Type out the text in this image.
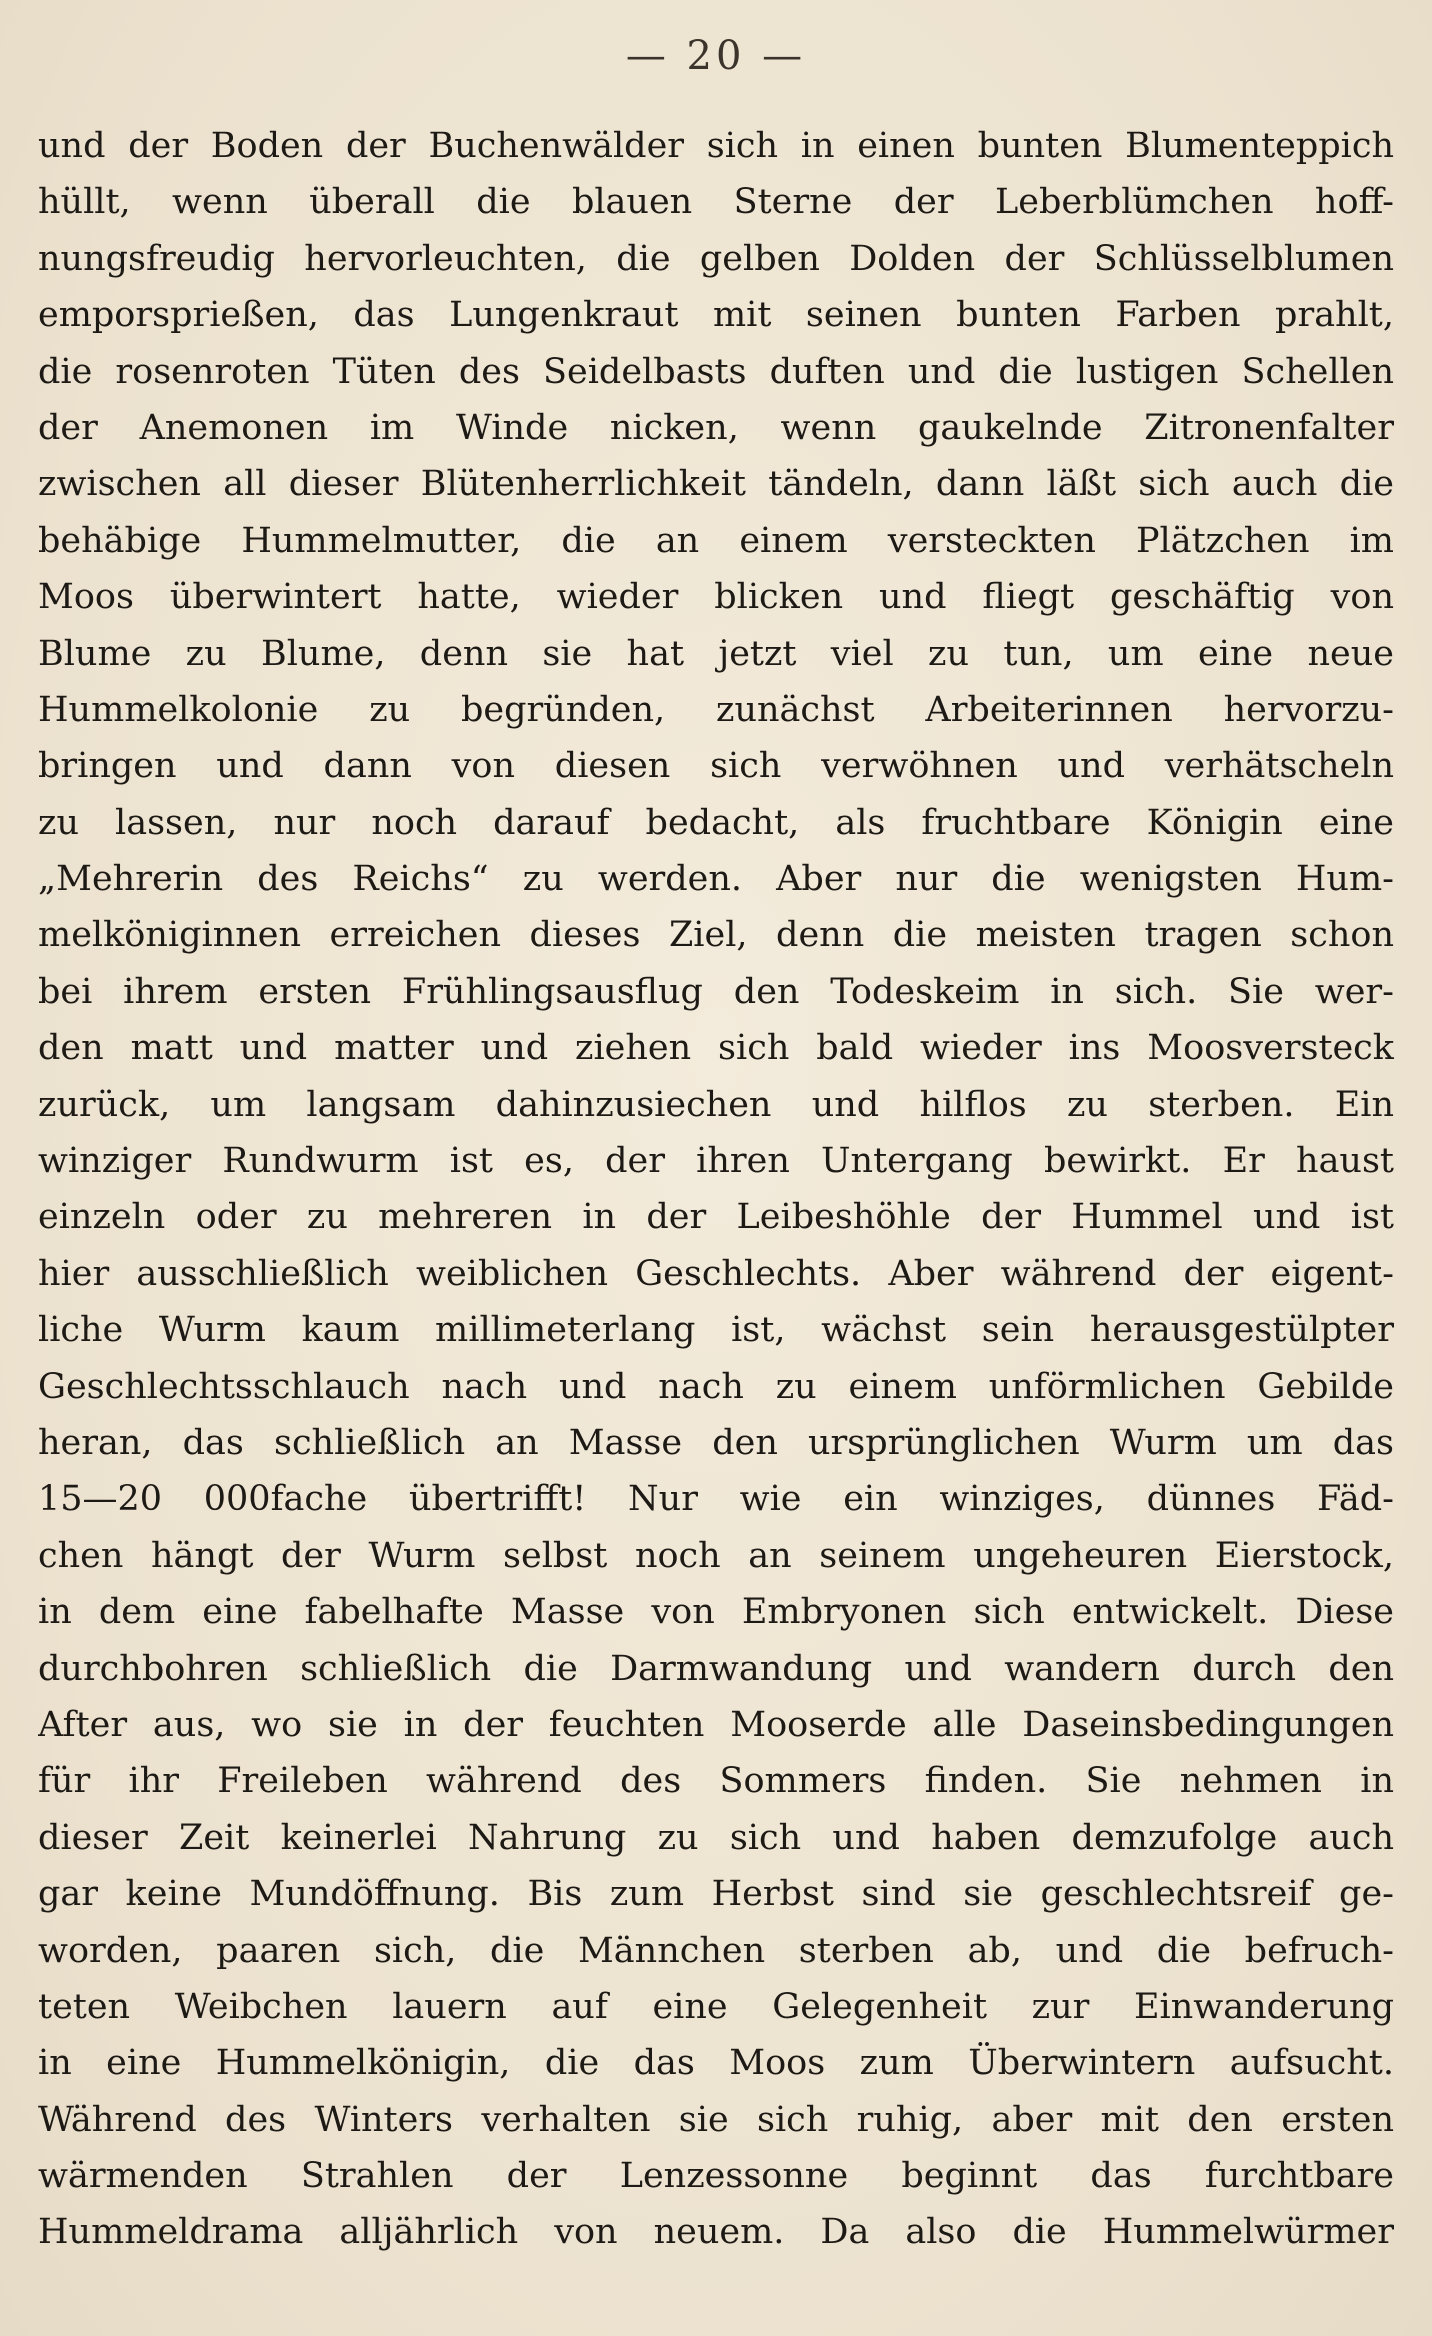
— 20 —
und der Boden der Buchenwälder sich in einen bunten Blumenteppich
hüllt, wenn überall die blauen Sterne der Leberblümchen hoff-
nungsfreudig hervorleuchten, die gelben Dolden der Schlüsselblumen
emporsprießen, das Lungenkraut mit seinen bunten Farben prahlt,
die rosenroten Tüten des Seidelbasts duften und die lustigen Schellen
der Anemonen im Winde nicken, wenn gaukelnde Zitronenfalter
zwischen all dieser Blütenherrlichkeit tändeln, dann läßt sich auch die
behäbige Hummelmutter, die an einem versteckten Plätzchen im
Moos überwintert hatte, wieder blicken und fliegt geschäftig von
Blume zu Blume, denn sie hat jetzt viel zu tun, um eine neue
Hummelkolonie zu begründen, zunächst Arbeiterinnen hervorzu-
bringen und dann von diesen sich verwöhnen und verhätscheln
zu lassen, nur noch darauf bedacht, als fruchtbare Königin eine
„Mehrerin des Reichs“ zu werden. Aber nur die wenigsten Hum-
melköniginnen erreichen dieses Ziel, denn die meisten tragen schon
bei ihrem ersten Frühlingsausflug den Todeskeim in sich. Sie wer-
den matt und matter und ziehen sich bald wieder ins Moosversteck
zurück, um langsam dahinzusiechen und hilflos zu sterben. Ein
winziger Rundwurm ist es, der ihren Untergang bewirkt. Er haust
einzeln oder zu mehreren in der Leibeshöhle der Hummel und ist
hier ausschließlich weiblichen Geschlechts. Aber während der eigent-
liche Wurm kaum millimeterlang ist, wächst sein herausgestülpter
Geschlechtsschlauch nach und nach zu einem unförmlichen Gebilde
heran, das schließlich an Masse den ursprünglichen Wurm um das
15—20 000fache übertrifft! Nur wie ein winziges, dünnes Fäd-
chen hängt der Wurm selbst noch an seinem ungeheuren Eierstock,
in dem eine fabelhafte Masse von Embryonen sich entwickelt. Diese
durchbohren schließlich die Darmwandung und wandern durch den
After aus, wo sie in der feuchten Mooserde alle Daseinsbedingungen
für ihr Freileben während des Sommers finden. Sie nehmen in
dieser Zeit keinerlei Nahrung zu sich und haben demzufolge auch
gar keine Mundöffnung. Bis zum Herbst sind sie geschlechtsreif ge-
worden, paaren sich, die Männchen sterben ab, und die befruch-
teten Weibchen lauern auf eine Gelegenheit zur Einwanderung
in eine Hummelkönigin, die das Moos zum Überwintern aufsucht.
Während des Winters verhalten sie sich ruhig, aber mit den ersten
wärmenden Strahlen der Lenzessonne beginnt das furchtbare
Hummeldrama alljährlich von neuem. Da also die Hummelwürmer
